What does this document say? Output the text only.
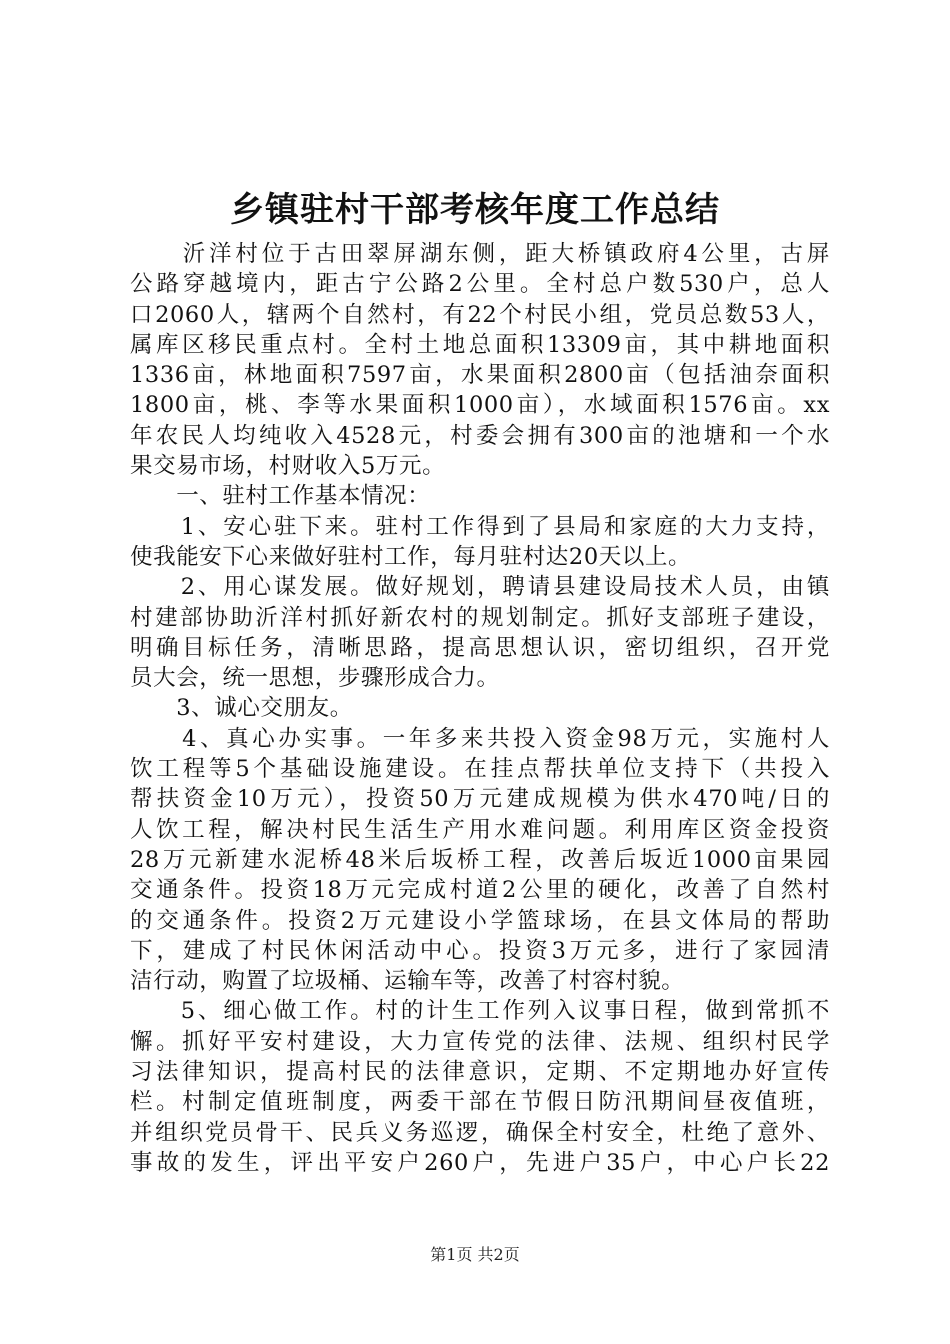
乡镇驻村干部考核年度工作总结
　　沂洋村位于古田翠屏湖东侧，距大桥镇政府4公里，古屏
公路穿越境内，距古宁公路2公里。全村总户数530户，总人
口2060人，辖两个自然村，有22个村民小组，党员总数53人，
属库区移民重点村。全村土地总面积13309亩，其中耕地面积
1336亩，林地面积7597亩，水果面积2800亩（包括油奈面积
1800亩，桃、李等水果面积1000亩），水域面积1576亩。xx
年农民人均纯收入4528元，村委会拥有300亩的池塘和一个水
果交易市场，村财收入5万元。
　　一、驻村工作基本情况：
　　1、安心驻下来。驻村工作得到了县局和家庭的大力支持，
使我能安下心来做好驻村工作，每月驻村达20天以上。
　　2、用心谋发展。做好规划，聘请县建设局技术人员，由镇
村建部协助沂洋村抓好新农村的规划制定。抓好支部班子建设，
明确目标任务，清晰思路，提高思想认识，密切组织，召开党
员大会，统一思想，步骤形成合力。
　　3、诚心交朋友。
　　4、真心办实事。一年多来共投入资金98万元，实施村人
饮工程等5个基础设施建设。在挂点帮扶单位支持下（共投入
帮扶资金10万元），投资50万元建成规模为供水470吨/日的
人饮工程，解决村民生活生产用水难问题。利用库区资金投资
28万元新建水泥桥48米后坂桥工程，改善后坂近1000亩果园
交通条件。投资18万元完成村道2公里的硬化，改善了自然村
的交通条件。投资2万元建设小学篮球场，在县文体局的帮助
下，建成了村民休闲活动中心。投资3万元多，进行了家园清
洁行动，购置了垃圾桶、运输车等，改善了村容村貌。
　　5、细心做工作。村的计生工作列入议事日程，做到常抓不
懈。抓好平安村建设，大力宣传党的法律、法规、组织村民学
习法律知识，提高村民的法律意识，定期、不定期地办好宣传
栏。村制定值班制度，两委干部在节假日防汛期间昼夜值班，
并组织党员骨干、民兵义务巡逻，确保全村安全，杜绝了意外、
事故的发生，评出平安户260户，先进户35户，中心户长22
第1页 共2页
